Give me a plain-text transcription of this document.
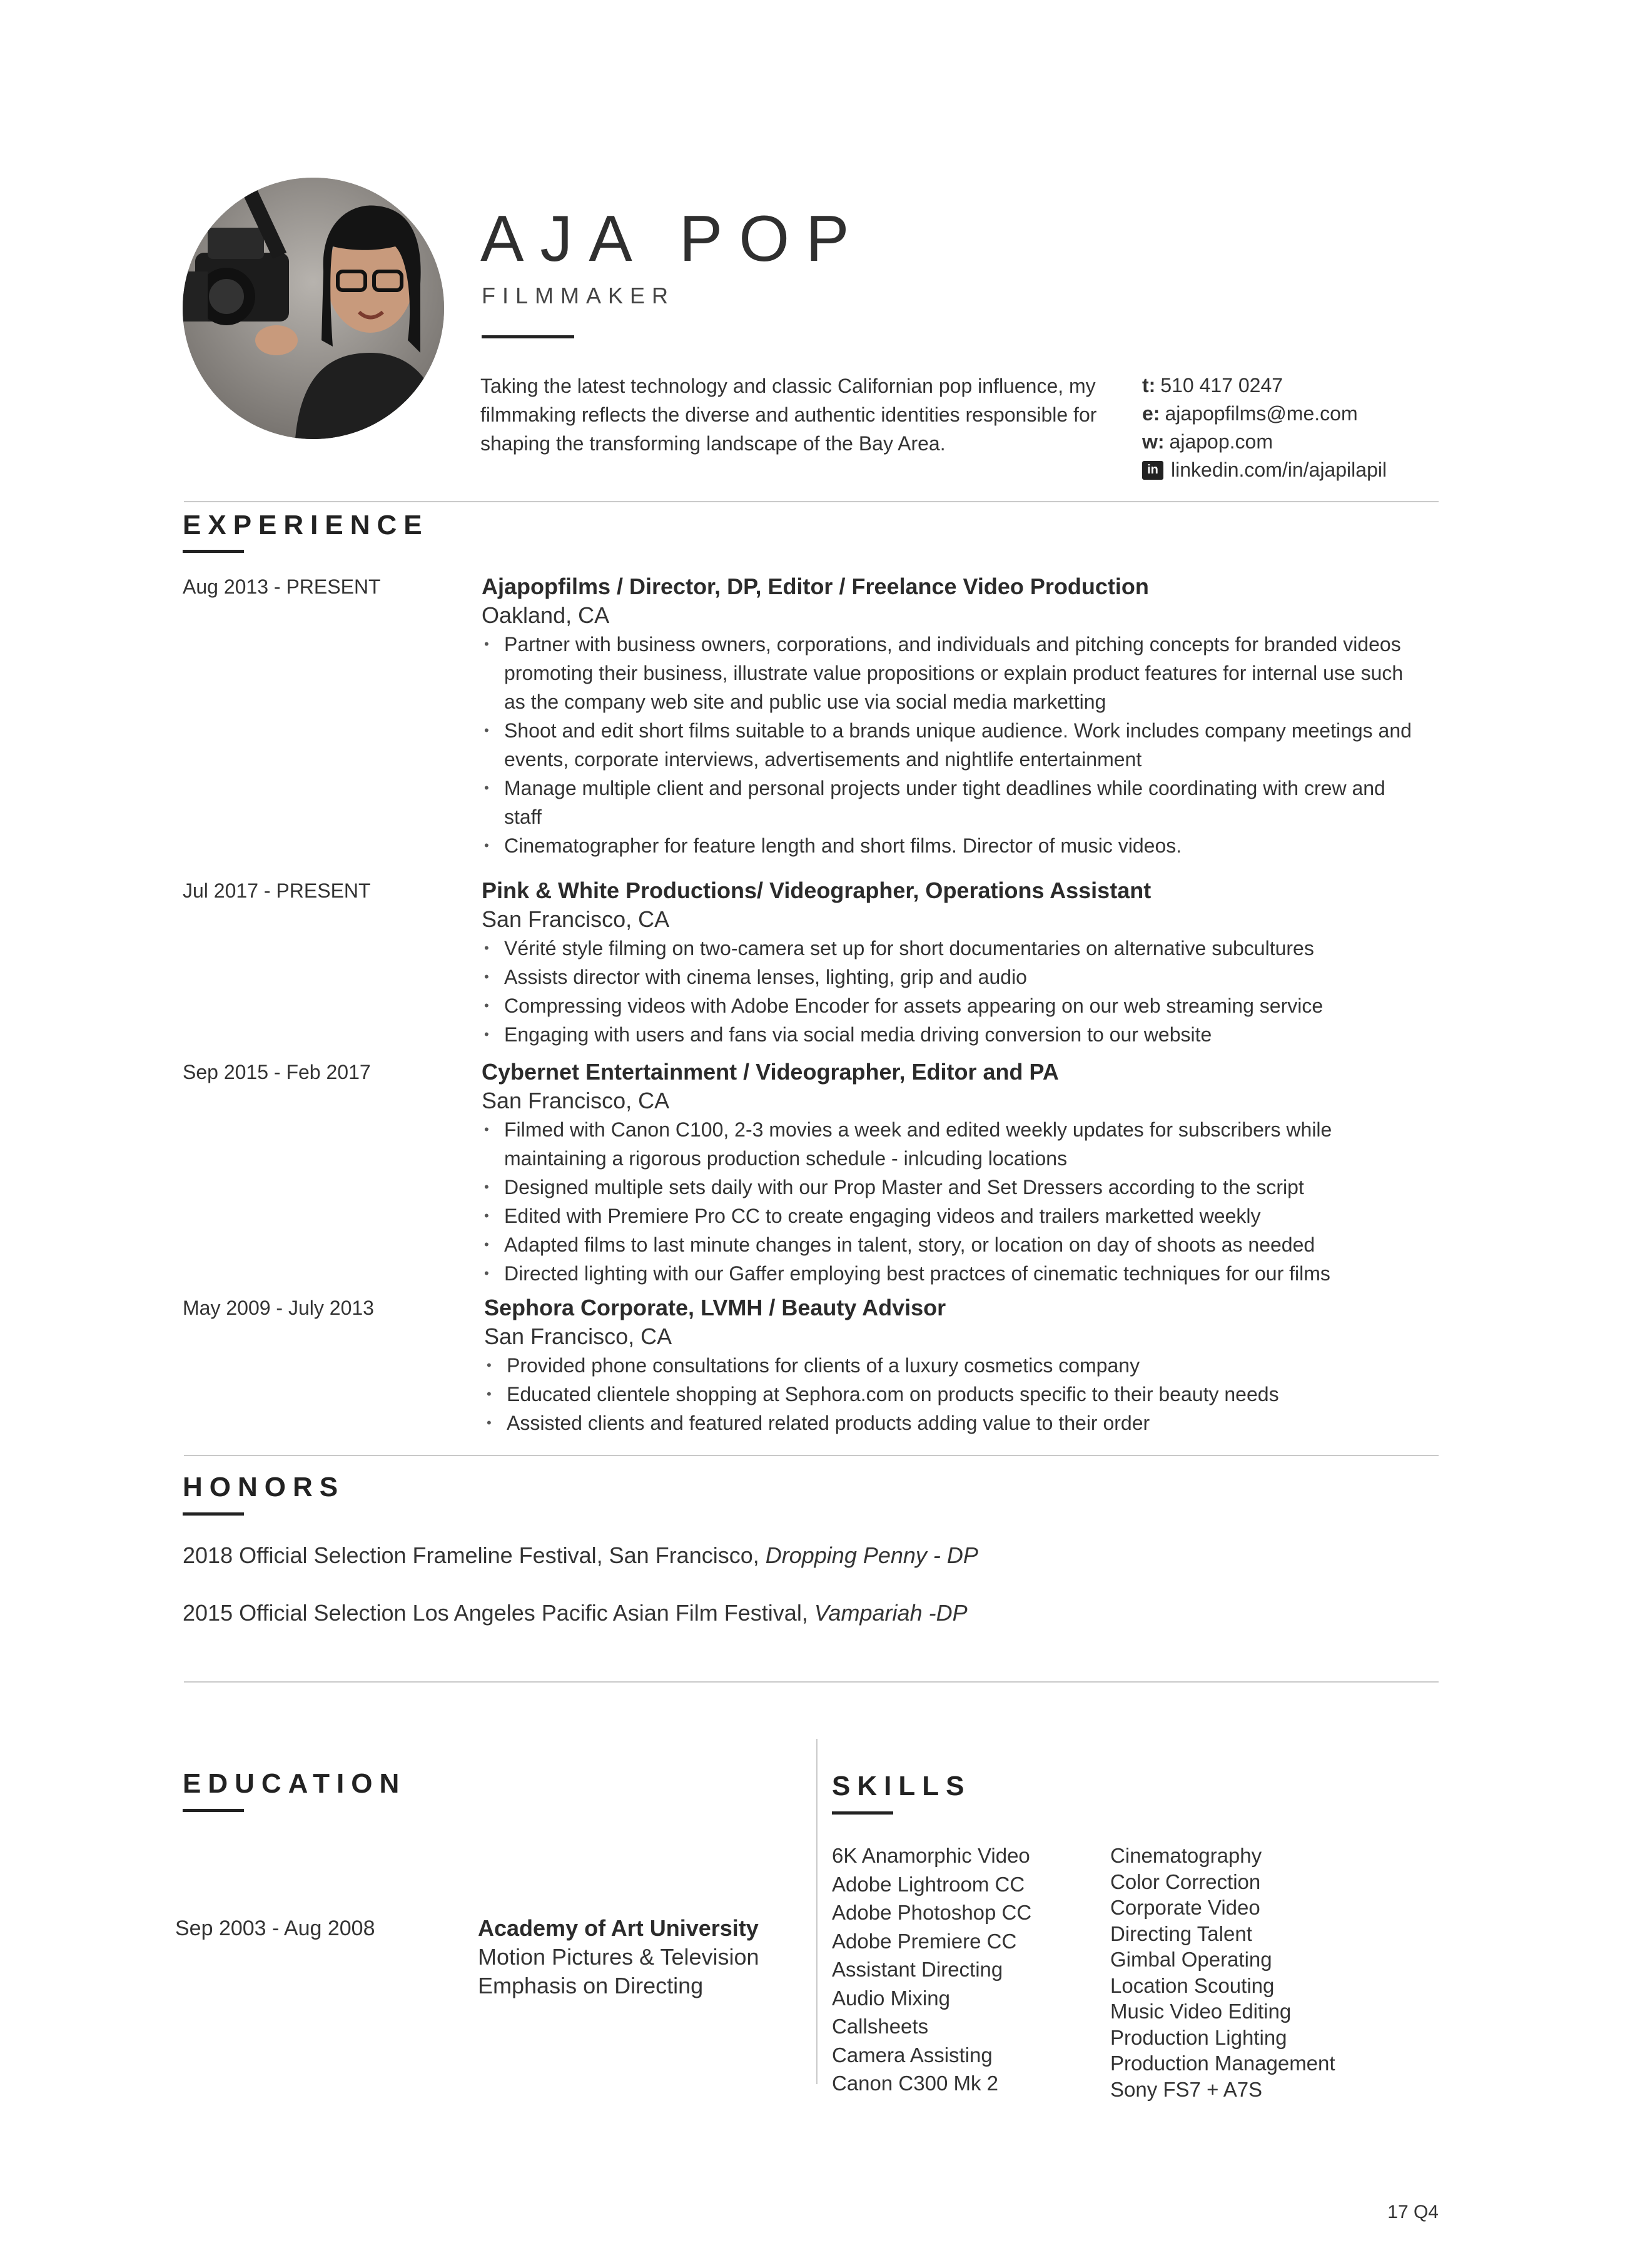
AJA POP
FILMMAKER
Taking the latest technology and classic Californian pop influence, my filmmaking reflects the diverse and authentic identities responsible for shaping the transforming landscape of the Bay Area.
t: 510 417 0247
e: ajapopfilms@me.com
w: ajapop.com
in linkedin.com/in/ajapilapil
EXPERIENCE
Aug 2013 - PRESENT	Ajapopfilms / Director, DP, Editor / Freelance Video Production
Oakland, CA
• Partner with business owners, corporations, and individuals and pitching concepts for branded videos promoting their business, illustrate value propositions or explain product features for internal use such as the company web site and public use via social media marketting
• Shoot and edit short films suitable to a brands unique audience. Work includes company meetings and events, corporate interviews, advertisements and nightlife entertainment
• Manage multiple client and personal projects under tight deadlines while coordinating with crew and staff
• Cinematographer for feature length and short films. Director of music videos.
Jul 2017 - PRESENT	Pink & White Productions/ Videographer, Operations Assistant
San Francisco, CA
• Vérité style filming on two-camera set up for short documentaries on alternative subcultures
• Assists director with cinema lenses, lighting, grip and audio
• Compressing videos with Adobe Encoder for assets appearing on our web streaming service
• Engaging with users and fans via social media driving conversion to our website
Sep 2015 - Feb 2017	Cybernet Entertainment / Videographer, Editor and PA
San Francisco, CA
• Filmed with Canon C100, 2-3 movies a week and edited weekly updates for subscribers while maintaining a rigorous production schedule - inlcuding locations
• Designed multiple sets daily with our Prop Master and Set Dressers according to the script
• Edited with Premiere Pro CC to create engaging videos and trailers marketted weekly
• Adapted films to last minute changes in talent, story, or location on day of shoots as needed
• Directed lighting with our Gaffer employing best practces of cinematic techniques for our films
May 2009 - July 2013	Sephora Corporate, LVMH / Beauty Advisor
San Francisco, CA
• Provided phone consultations for clients of a luxury cosmetics company
• Educated clientele shopping at Sephora.com on products specific to their beauty needs
• Assisted clients and featured related products adding value to their order
HONORS
2018 Official Selection Frameline Festival, San Francisco, Dropping Penny - DP
2015 Official Selection Los Angeles Pacific Asian Film Festival, Vampariah -DP
EDUCATION
Sep 2003 - Aug 2008	Academy of Art University
Motion Pictures & Television
Emphasis on Directing
SKILLS
6K Anamorphic Video
Adobe Lightroom CC
Adobe Photoshop CC
Adobe Premiere CC
Assistant Directing
Audio Mixing
Callsheets
Camera Assisting
Canon C300 Mk 2
Cinematography
Color Correction
Corporate Video
Directing Talent
Gimbal Operating
Location Scouting
Music Video Editing
Production Lighting
Production Management
Sony FS7 + A7S
17 Q4
